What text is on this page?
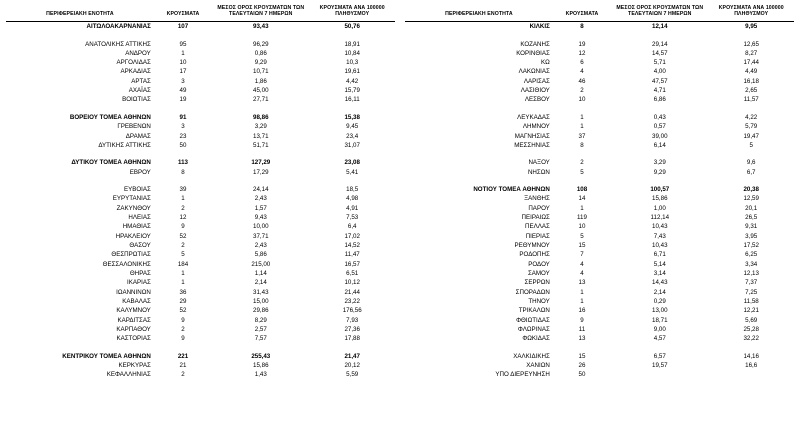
ΠΕΡΙΦΕΡΕΙΑΚΗ ΕΝΟΤΗΤΑ	ΚΡΟΥΣΜΑΤΑ	ΜΕΣΟΣ ΟΡΟΣ ΚΡΟΥΣΜΑΤΩΝ ΤΩΝ ΤΕΛΕΥΤΑΙΩΝ 7 ΗΜΕΡΩΝ	ΚΡΟΥΣΜΑΤΑ ΑΝΑ 100000 ΠΛΗΘΥΣΜΟΥ
ΑΙΤΩΛΟΑΚΑΡΝΑΝΙΑΣ	107	93,43	50,76

ΑΝΑΤΟΛΙΚΗΣ ΑΤΤΙΚΗΣ	95	96,29	18,91
ΑΝΔΡΟΥ	1	0,86	10,84
ΑΡΓΟΛΙΔΑΣ	10	9,29	10,3
ΑΡΚΑΔΙΑΣ	17	10,71	19,61
ΑΡΤΑΣ	3	1,86	4,42
ΑΧΑΪΑΣ	49	45,00	15,79
ΒΟΙΩΤΙΑΣ	19	27,71	16,11

ΒΟΡΕΙΟΥ ΤΟΜΕΑ ΑΘΗΝΩΝ	91	98,86	15,38
ΓΡΕΒΕΝΩΝ	3	3,29	9,45
ΔΡΑΜΑΣ	23	13,71	23,4
ΔΥΤΙΚΗΣ ΑΤΤΙΚΗΣ	50	51,71	31,07

ΔΥΤΙΚΟΥ ΤΟΜΕΑ ΑΘΗΝΩΝ	113	127,29	23,08
ΕΒΡΟΥ	8	17,29	5,41

ΕΥΒΟΙΑΣ	39	24,14	18,5
ΕΥΡΥΤΑΝΙΑΣ	1	2,43	4,98
ΖΑΚΥΝΘΟΥ	2	1,57	4,91
ΗΛΕΙΑΣ	12	9,43	7,53
ΗΜΑΘΙΑΣ	9	10,00	6,4
ΗΡΑΚΛΕΙΟΥ	52	37,71	17,02
ΘΑΣΟΥ	2	2,43	14,52
ΘΕΣΠΡΩΤΙΑΣ	5	5,86	11,47
ΘΕΣΣΑΛΟΝΙΚΗΣ	184	215,00	16,57
ΘΗΡΑΣ	1	1,14	6,51
ΙΚΑΡΙΑΣ	1	2,14	10,12
ΙΩΑΝΝΙΝΩΝ	36	31,43	21,44
ΚΑΒΑΛΑΣ	29	15,00	23,22
ΚΑΛΥΜΝΟΥ	52	29,86	176,56
ΚΑΡΔΙΤΣΑΣ	9	8,29	7,93
ΚΑΡΠΑΘΟΥ	2	2,57	27,36
ΚΑΣΤΟΡΙΑΣ	9	7,57	17,88

ΚΕΝΤΡΙΚΟΥ ΤΟΜΕΑ ΑΘΗΝΩΝ	221	255,43	21,47
ΚΕΡΚΥΡΑΣ	21	15,86	20,12
ΚΕΦΑΛΛΗΝΙΑΣ	2	1,43	5,59

ΠΕΡΙΦΕΡΕΙΑΚΗ ΕΝΟΤΗΤΑ	ΚΡΟΥΣΜΑΤΑ	ΜΕΣΟΣ ΟΡΟΣ ΚΡΟΥΣΜΑΤΩΝ ΤΩΝ ΤΕΛΕΥΤΑΙΩΝ 7 ΗΜΕΡΩΝ	ΚΡΟΥΣΜΑΤΑ ΑΝΑ 100000 ΠΛΗΘΥΣΜΟΥ
ΚΙΛΚΙΣ	8	12,14	9,95

ΚΟΖΑΝΗΣ	19	29,14	12,65
ΚΟΡΙΝΘΙΑΣ	12	14,57	8,27
ΚΩ	6	5,71	17,44
ΛΑΚΩΝΙΑΣ	4	4,00	4,49
ΛΑΡΙΣΑΣ	46	47,57	16,18
ΛΑΣΙΘΙΟΥ	2	4,71	2,65
ΛΕΣΒΟΥ	10	6,86	11,57

ΛΕΥΚΑΔΑΣ	1	0,43	4,22
ΛΗΜΝΟΥ	1	0,57	5,79
ΜΑΓΝΗΣΙΑΣ	37	39,00	19,47
ΜΕΣΣΗΝΙΑΣ	8	6,14	5

ΝΑΞΟΥ	2	3,29	9,6
ΝΗΣΩΝ	5	9,29	6,7

ΝΟΤΙΟΥ ΤΟΜΕΑ ΑΘΗΝΩΝ	108	100,57	20,38
ΞΑΝΘΗΣ	14	15,86	12,59
ΠΑΡΟΥ	1	1,00	20,1
ΠΕΙΡΑΙΩΣ	119	112,14	26,5
ΠΕΛΛΑΣ	10	10,43	9,31
ΠΙΕΡΙΑΣ	5	7,43	3,95
ΡΕΘΥΜΝΟΥ	15	10,43	17,52
ΡΟΔΟΠΗΣ	7	6,71	6,25
ΡΟΔΟΥ	4	5,14	3,34
ΣΑΜΟΥ	4	3,14	12,13
ΣΕΡΡΩΝ	13	14,43	7,37
ΣΠΟΡΑΔΩΝ	1	2,14	7,25
ΤΗΝΟΥ	1	0,29	11,58
ΤΡΙΚΑΛΩΝ	16	13,00	12,21
ΦΘΙΩΤΙΔΑΣ	9	18,71	5,69
ΦΛΩΡΙΝΑΣ	11	9,00	25,28
ΦΩΚΙΔΑΣ	13	4,57	32,22

ΧΑΛΚΙΔΙΚΗΣ	15	6,57	14,16
ΧΑΝΙΩΝ	26	19,57	16,6
ΥΠΟ ΔΙΕΡΕΥΝΗΣΗ	50		
